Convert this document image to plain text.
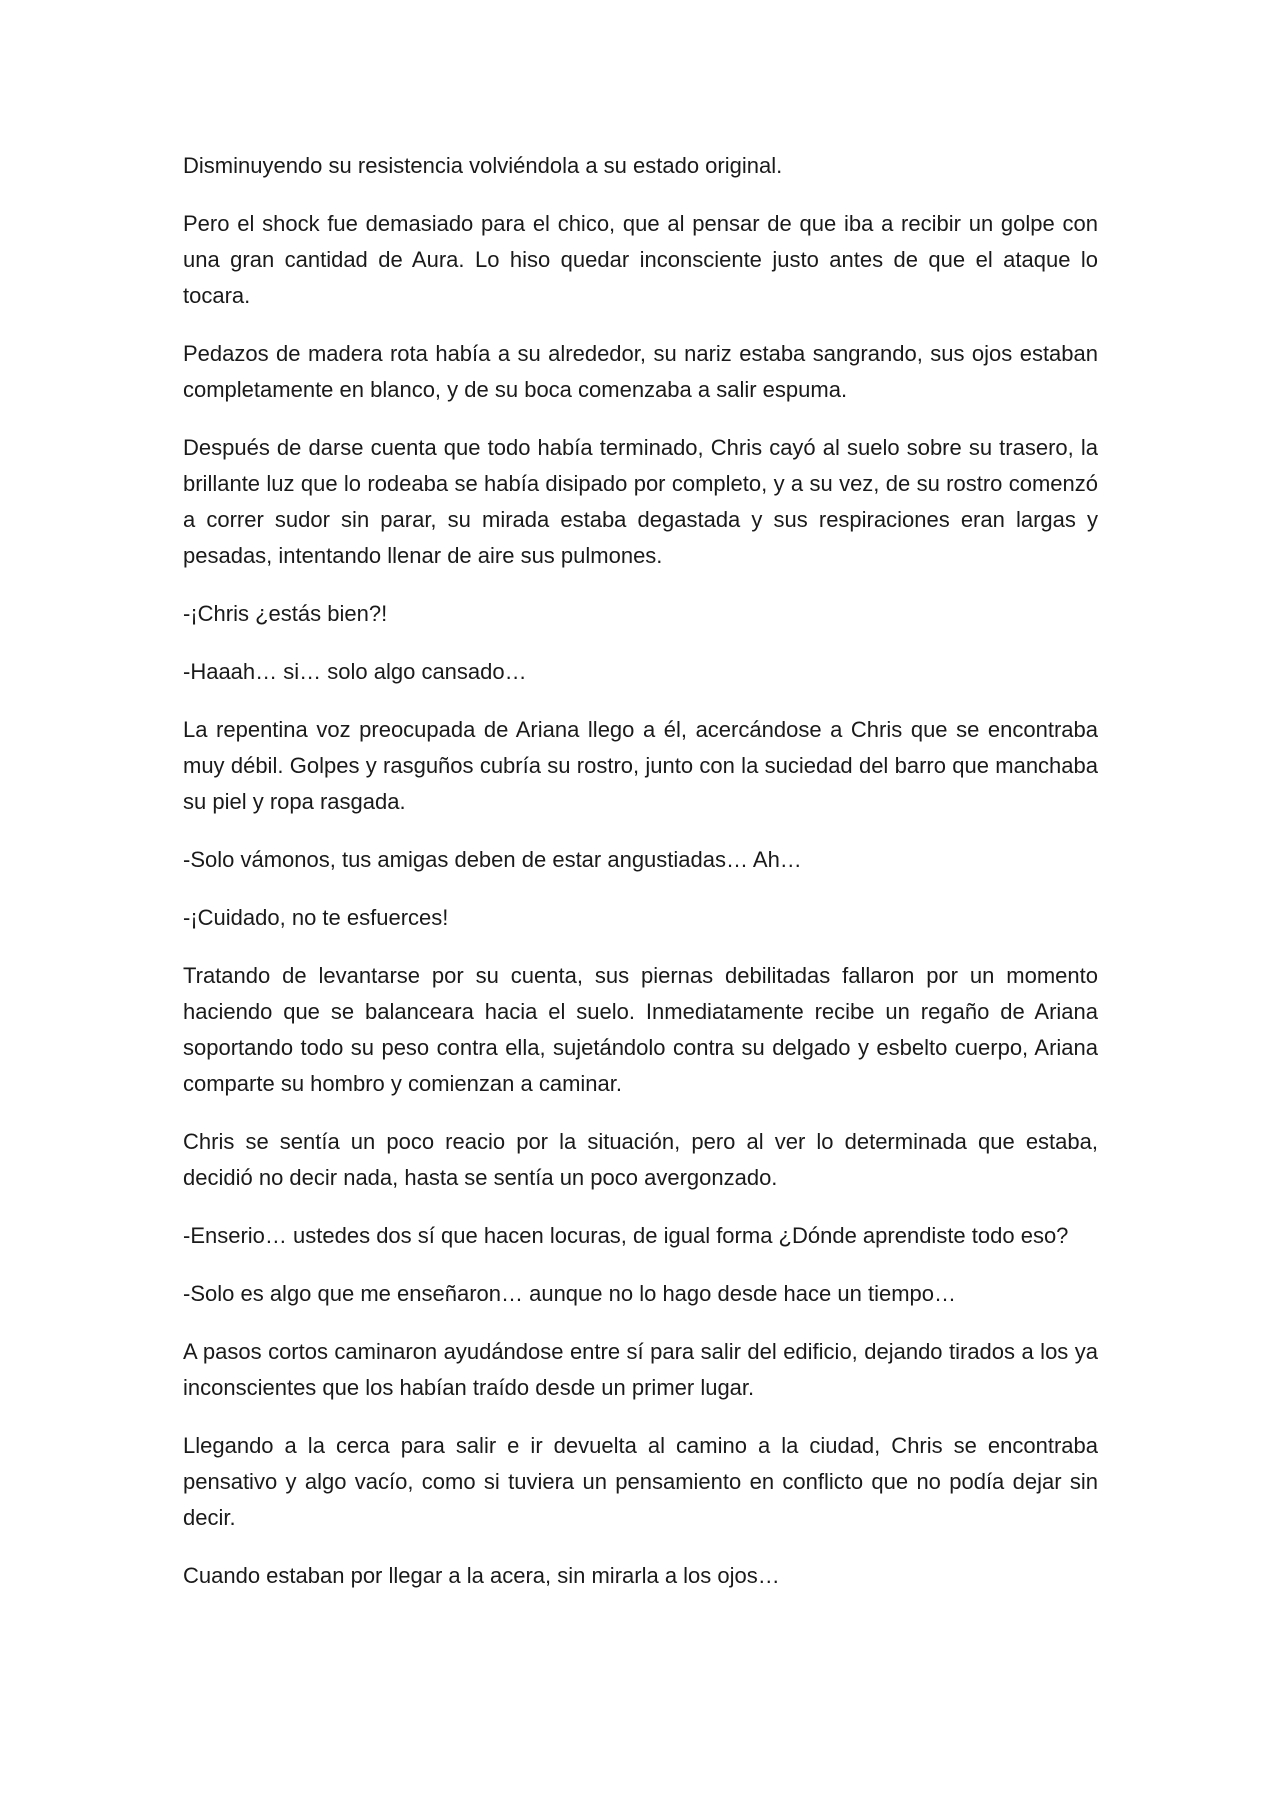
Disminuyendo su resistencia volviéndola a su estado original.

Pero el shock fue demasiado para el chico, que al pensar de que iba a recibir un golpe con una gran cantidad de Aura. Lo hiso quedar inconsciente justo antes de que el ataque lo tocara.

Pedazos de madera rota había a su alrededor, su nariz estaba sangrando, sus ojos estaban completamente en blanco, y de su boca comenzaba a salir espuma.

Después de darse cuenta que todo había terminado, Chris cayó al suelo sobre su trasero, la brillante luz que lo rodeaba se había disipado por completo, y a su vez, de su rostro comenzó a correr sudor sin parar, su mirada estaba degastada y sus respiraciones eran largas y pesadas, intentando llenar de aire sus pulmones.

-¡Chris ¿estás bien?!

-Haaah… si… solo algo cansado…

La repentina voz preocupada de Ariana llego a él, acercándose a Chris que se encontraba muy débil. Golpes y rasguños cubría su rostro, junto con la suciedad del barro que manchaba su piel y ropa rasgada.

-Solo vámonos, tus amigas deben de estar angustiadas… Ah…

-¡Cuidado, no te esfuerces!

Tratando de levantarse por su cuenta, sus piernas debilitadas fallaron por un momento haciendo que se balanceara hacia el suelo. Inmediatamente recibe un regaño de Ariana soportando todo su peso contra ella, sujetándolo contra su delgado y esbelto cuerpo, Ariana comparte su hombro y comienzan a caminar.

Chris se sentía un poco reacio por la situación, pero al ver lo determinada que estaba, decidió no decir nada, hasta se sentía un poco avergonzado.

-Enserio… ustedes dos sí que hacen locuras, de igual forma ¿Dónde aprendiste todo eso?

-Solo es algo que me enseñaron… aunque no lo hago desde hace un tiempo…

A pasos cortos caminaron ayudándose entre sí para salir del edificio, dejando tirados a los ya inconscientes que los habían traído desde un primer lugar.

Llegando a la cerca para salir e ir devuelta al camino a la ciudad, Chris se encontraba pensativo y algo vacío, como si tuviera un pensamiento en conflicto que no podía dejar sin decir.

Cuando estaban por llegar a la acera, sin mirarla a los ojos…
